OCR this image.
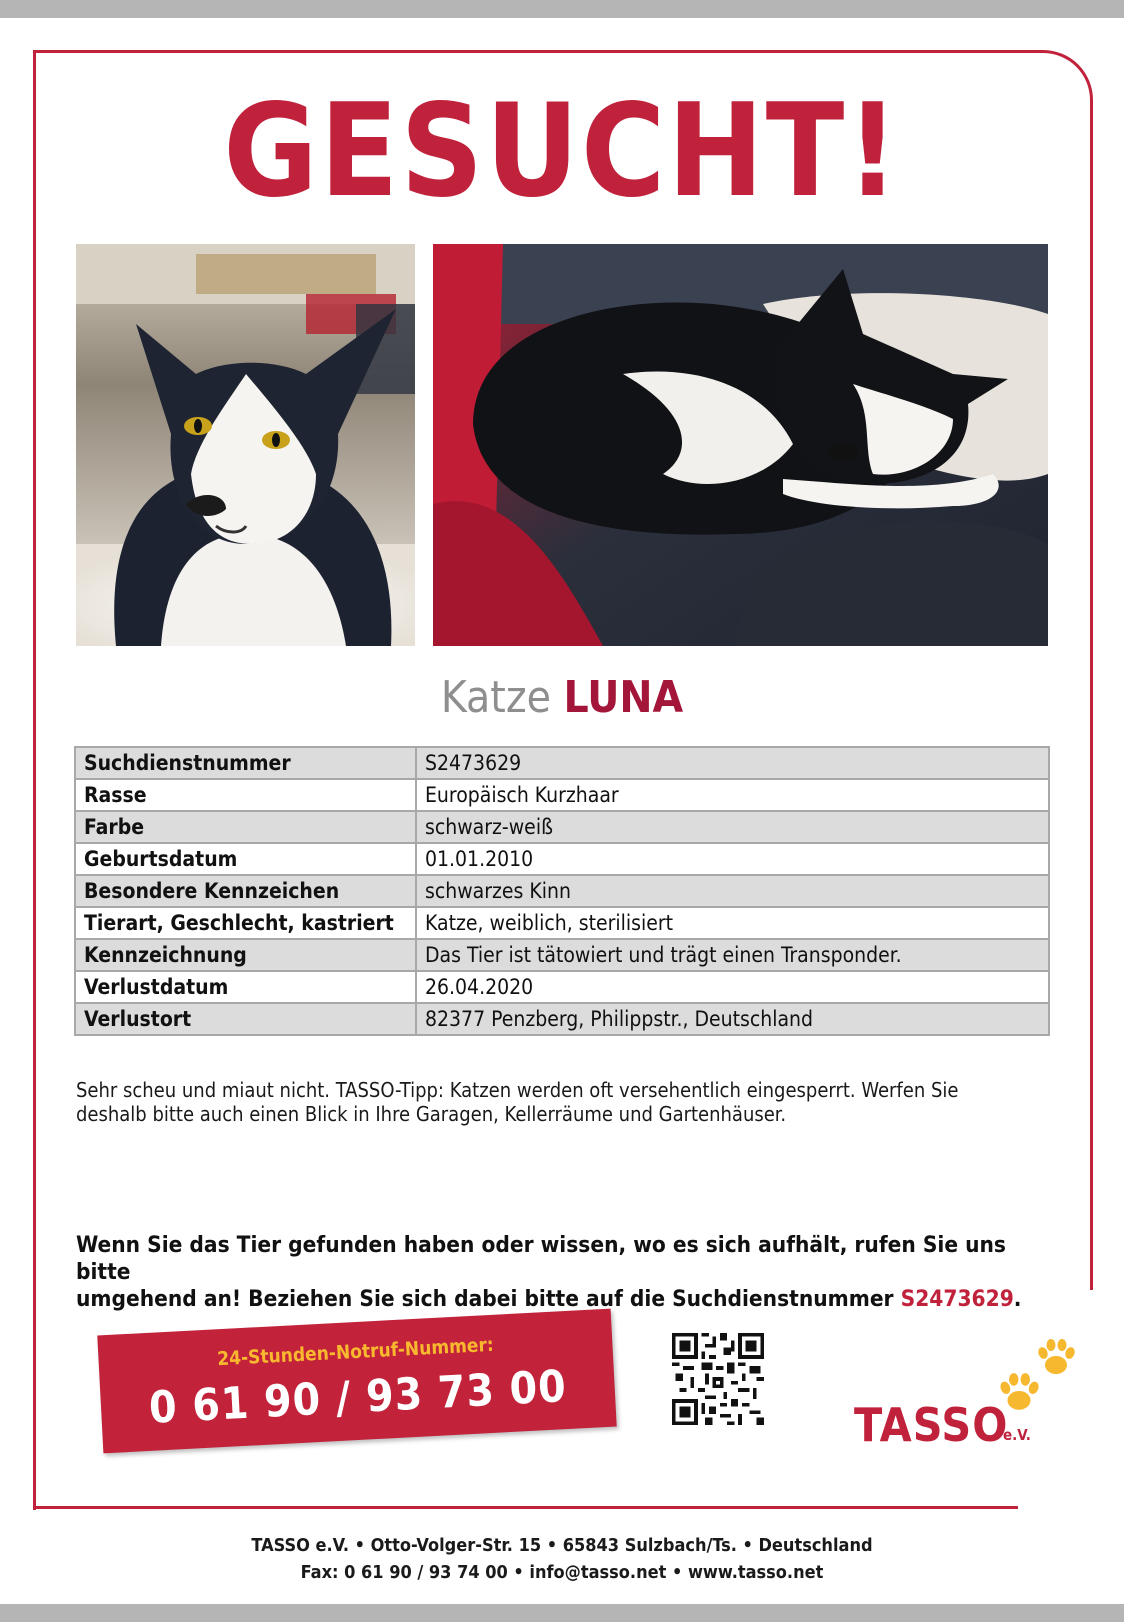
GESUCHT!
Katze LUNA
Suchdienstnummer	S2473629
Rasse	Europäisch Kurzhaar
Farbe	schwarz-weiß
Geburtsdatum	01.01.2010
Besondere Kennzeichen	schwarzes Kinn
Tierart, Geschlecht, kastriert	Katze, weiblich, sterilisiert
Kennzeichnung	Das Tier ist tätowiert und trägt einen Transponder.
Verlustdatum	26.04.2020
Verlustort	82377 Penzberg, Philippstr., Deutschland
Sehr scheu und miaut nicht. TASSO-Tipp: Katzen werden oft versehentlich eingesperrt. Werfen Sie
deshalb bitte auch einen Blick in Ihre Garagen, Kellerräume und Gartenhäuser.
Wenn Sie das Tier gefunden haben oder wissen, wo es sich aufhält, rufen Sie uns bitte
umgehend an! Beziehen Sie sich dabei bitte auf die Suchdienstnummer S2473629.
24-Stunden-Notruf-Nummer:
0 61 90 / 93 73 00	TASSO
e.V.
TASSO e.V. • Otto-Volger-Str. 15 • 65843 Sulzbach/Ts. • Deutschland
Fax: 0 61 90 / 93 74 00 • info@tasso.net • www.tasso.net
